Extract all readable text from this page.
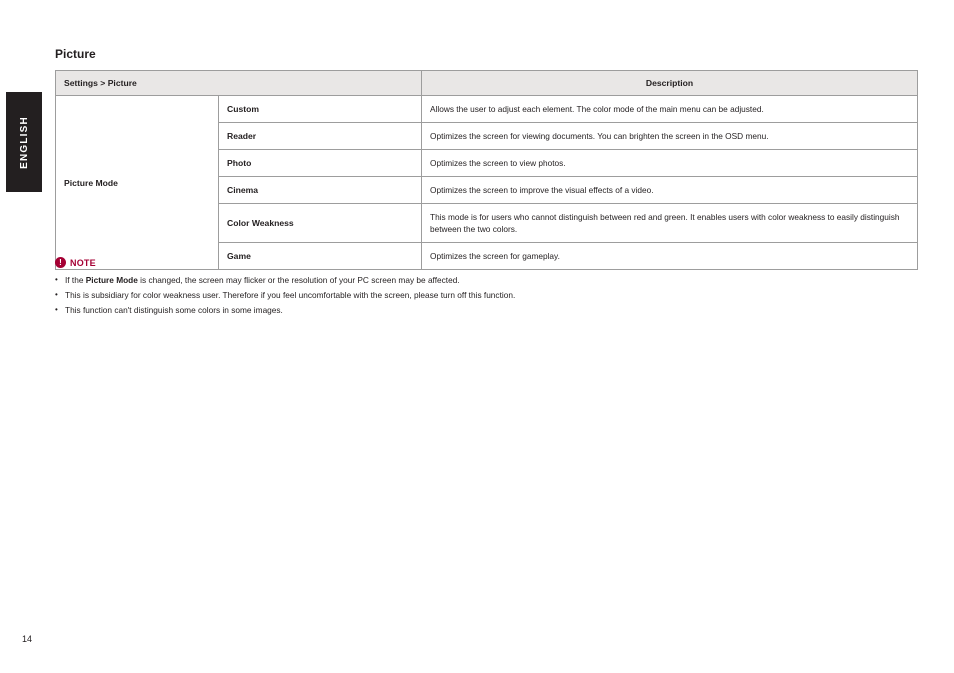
ENGLISH
Picture
Settings > Picture		Description
Picture Mode	Custom	Allows the user to adjust each element. The color mode of the main menu can be adjusted.
	Reader	Optimizes the screen for viewing documents. You can brighten the screen in the OSD menu.
	Photo	Optimizes the screen to view photos.
	Cinema	Optimizes the screen to improve the visual effects of a video.
	Color Weakness	This mode is for users who cannot distinguish between red and green. It enables users with color weakness to easily distinguish between the two colors.
	Game	Optimizes the screen for gameplay.
! NOTE
• If the Picture Mode is changed, the screen may flicker or the resolution of your PC screen may be affected.
• This is subsidiary for color weakness user. Therefore if you feel uncomfortable with the screen, please turn off this function.
• This function can't distinguish some colors in some images.
14
